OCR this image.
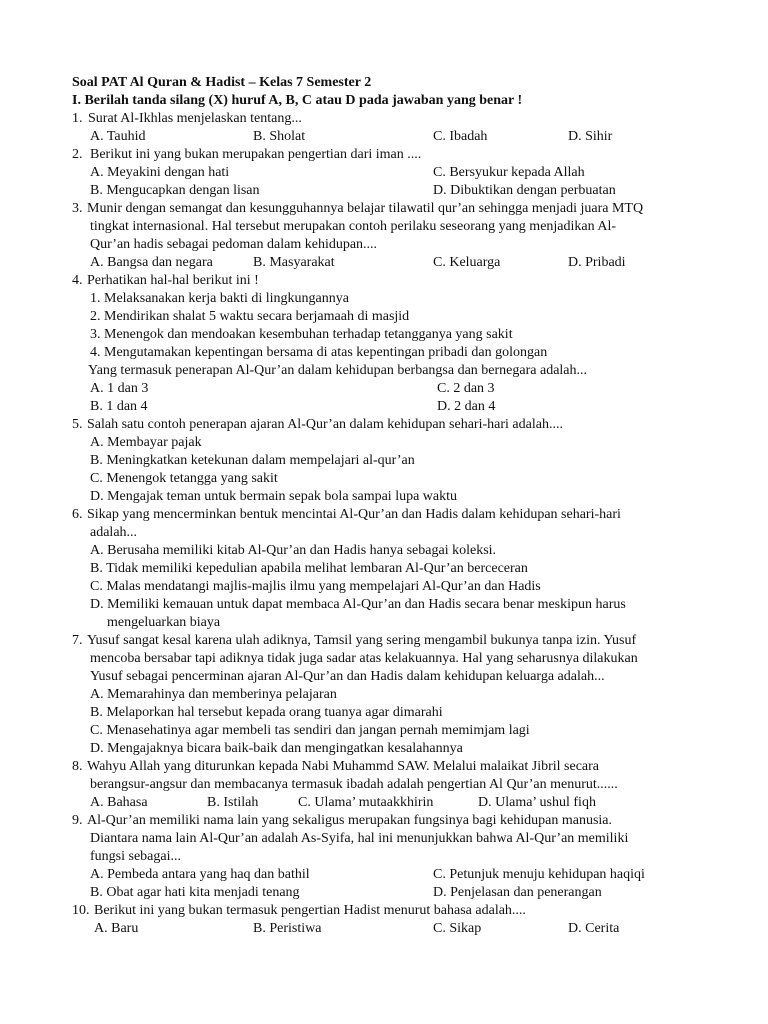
Soal PAT Al Quran & Hadist – Kelas 7 Semester 2
I. Berilah tanda silang (X) huruf A, B, C atau D pada jawaban yang benar !
1. Surat Al-Ikhlas menjelaskan tentang...
A. Tauhid	B. Sholat	C. Ibadah	D. Sihir
2. Berikut ini yang bukan merupakan pengertian dari iman ....
A. Meyakini dengan hati	C. Bersyukur kepada Allah
B. Mengucapkan dengan lisan	D. Dibuktikan dengan perbuatan
3. Munir dengan semangat dan kesungguhannya belajar tilawatil qur’an sehingga menjadi juara MTQ
tingkat internasional. Hal tersebut merupakan contoh perilaku seseorang yang menjadikan Al-
Qur’an hadis sebagai pedoman dalam kehidupan....
A. Bangsa dan negara	B. Masyarakat	C. Keluarga	D. Pribadi
4. Perhatikan hal-hal berikut ini !
1. Melaksanakan kerja bakti di lingkungannya
2. Mendirikan shalat 5 waktu secara berjamaah di masjid
3. Menengok dan mendoakan kesembuhan terhadap tetangganya yang sakit
4. Mengutamakan kepentingan bersama di atas kepentingan pribadi dan golongan
Yang termasuk penerapan Al-Qur’an dalam kehidupan berbangsa dan bernegara adalah...
A. 1 dan 3	C. 2 dan 3
B. 1 dan 4	D. 2 dan 4
5. Salah satu contoh penerapan ajaran Al-Qur’an dalam kehidupan sehari-hari adalah....
A. Membayar pajak
B. Meningkatkan ketekunan dalam mempelajari al-qur’an
C. Menengok tetangga yang sakit
D. Mengajak teman untuk bermain sepak bola sampai lupa waktu
6. Sikap yang mencerminkan bentuk mencintai Al-Qur’an dan Hadis dalam kehidupan sehari-hari
adalah...
A. Berusaha memiliki kitab Al-Qur’an dan Hadis hanya sebagai koleksi.
B. Tidak memiliki kepedulian apabila melihat lembaran Al-Qur’an berceceran
C. Malas mendatangi majlis-majlis ilmu yang mempelajari Al-Qur’an dan Hadis
D. Memiliki kemauan untuk dapat membaca Al-Qur’an dan Hadis secara benar meskipun harus
mengeluarkan biaya
7. Yusuf sangat kesal karena ulah adiknya, Tamsil yang sering mengambil bukunya tanpa izin. Yusuf
mencoba bersabar tapi adiknya tidak juga sadar atas kelakuannya. Hal yang seharusnya dilakukan
Yusuf sebagai pencerminan ajaran Al-Qur’an dan Hadis dalam kehidupan keluarga adalah...
A. Memarahinya dan memberinya pelajaran
B. Melaporkan hal tersebut kepada orang tuanya agar dimarahi
C. Menasehatinya agar membeli tas sendiri dan jangan pernah memimjam lagi
D. Mengajaknya bicara baik-baik dan mengingatkan kesalahannya
8. Wahyu Allah yang diturunkan kepada Nabi Muhammd SAW. Melalui malaikat Jibril secara
berangsur-angsur dan membacanya termasuk ibadah adalah pengertian Al Qur’an menurut......
A. Bahasa	B. Istilah	C. Ulama’ mutaakkhirin	D. Ulama’ ushul fiqh
9. Al-Qur’an memiliki nama lain yang sekaligus merupakan fungsinya bagi kehidupan manusia.
Diantara nama lain Al-Qur’an adalah As-Syifa, hal ini menunjukkan bahwa Al-Qur’an memiliki
fungsi sebagai...
A. Pembeda antara yang haq dan bathil	C. Petunjuk menuju kehidupan haqiqi
B. Obat agar hati kita menjadi tenang	D. Penjelasan dan penerangan
10. Berikut ini yang bukan termasuk pengertian Hadist menurut bahasa adalah....
A. Baru	B. Peristiwa	C. Sikap	D. Cerita
